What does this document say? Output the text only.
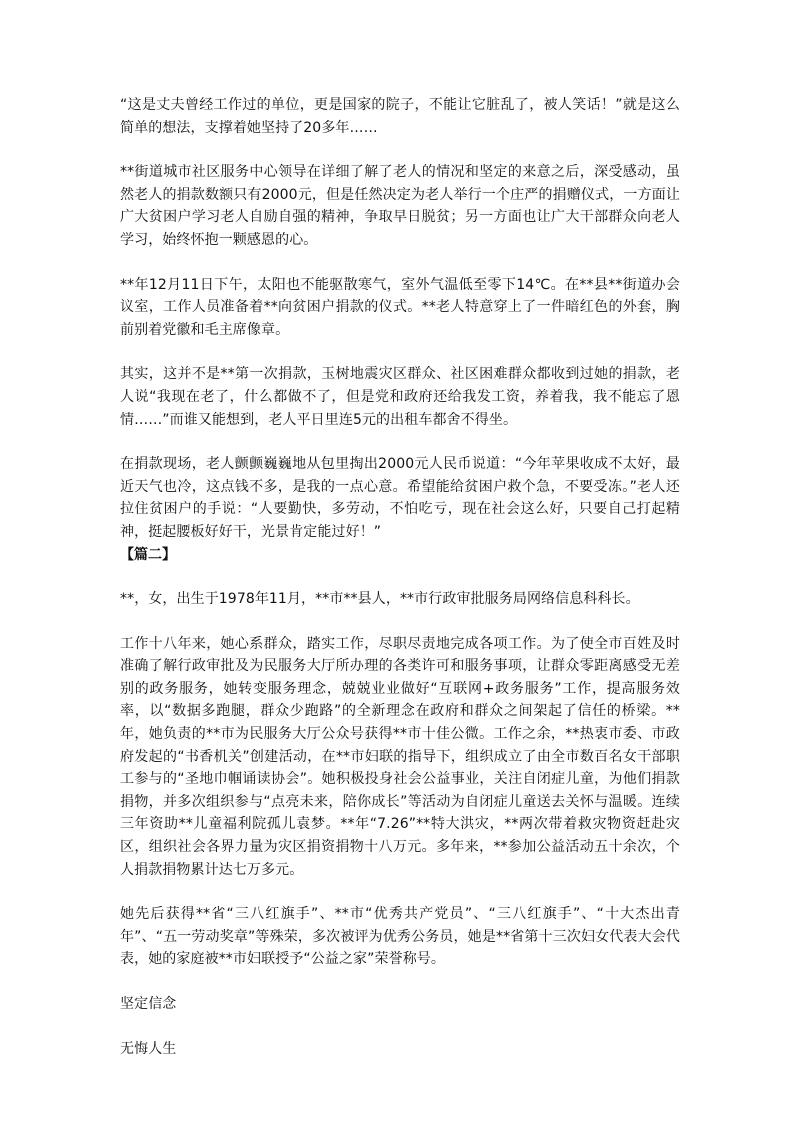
“这是丈夫曾经工作过的单位，更是国家的院子，不能让它脏乱了，被人笑话！”就是这么简单的想法，支撑着她坚持了20多年……

**街道城市社区服务中心领导在详细了解了老人的情况和坚定的来意之后，深受感动，虽然老人的捐款数额只有2000元，但是任然决定为老人举行一个庄严的捐赠仪式，一方面让广大贫困户学习老人自励自强的精神，争取早日脱贫；另一方面也让广大干部群众向老人学习，始终怀抱一颗感恩的心。

**年12月11日下午，太阳也不能驱散寒气，室外气温低至零下14℃。在**县**街道办会议室，工作人员准备着**向贫困户捐款的仪式。**老人特意穿上了一件暗红色的外套，胸前别着党徽和毛主席像章。

其实，这并不是**第一次捐款，玉树地震灾区群众、社区困难群众都收到过她的捐款，老人说“我现在老了，什么都做不了，但是党和政府还给我发工资，养着我，我不能忘了恩情……”而谁又能想到，老人平日里连5元的出租车都舍不得坐。

在捐款现场，老人颤颤巍巍地从包里掏出2000元人民币说道：“今年苹果收成不太好，最近天气也冷，这点钱不多，是我的一点心意。希望能给贫困户救个急，不要受冻。”老人还拉住贫困户的手说：“人要勤快，多劳动，不怕吃亏，现在社会这么好，只要自己打起精神，挺起腰板好好干，光景肯定能过好！”

【篇二】

**，女，出生于1978年11月，**市**县人，**市行政审批服务局网络信息科科长。

工作十八年来，她心系群众，踏实工作，尽职尽责地完成各项工作。为了使全市百姓及时准确了解行政审批及为民服务大厅所办理的各类许可和服务事项，让群众零距离感受无差别的政务服务，她转变服务理念，兢兢业业做好“互联网+政务服务”工作，提高服务效率，以“数据多跑腿，群众少跑路”的全新理念在政府和群众之间架起了信任的桥梁。**年，她负责的**市为民服务大厅公众号获得**市十佳公微。工作之余，**热衷市委、市政府发起的“书香机关”创建活动，在**市妇联的指导下，组织成立了由全市数百名女干部职工参与的“圣地巾帼诵读协会”。她积极投身社会公益事业，关注自闭症儿童，为他们捐款捐物，并多次组织参与“点亮未来，陪你成长”等活动为自闭症儿童送去关怀与温暖。连续三年资助**儿童福利院孤儿袁梦。**年“7.26”**特大洪灾，**两次带着救灾物资赶赴灾区，组织社会各界力量为灾区捐资捐物十八万元。多年来，**参加公益活动五十余次，个人捐款捐物累计达七万多元。

她先后获得**省“三八红旗手”、**市“优秀共产党员”、“三八红旗手”、“十大杰出青年”、“五一劳动奖章”等殊荣，多次被评为优秀公务员，她是**省第十三次妇女代表大会代表，她的家庭被**市妇联授予“公益之家”荣誉称号。

坚定信念

无悔人生
